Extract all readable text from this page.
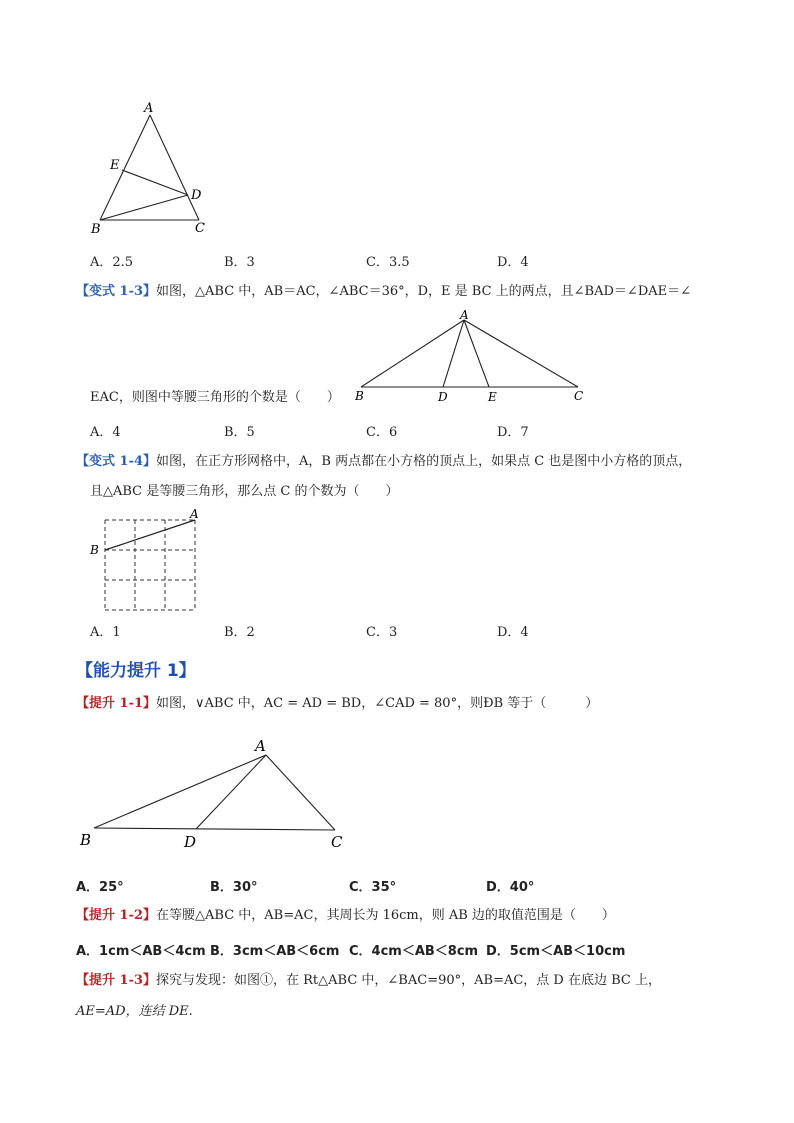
A
E
D
B	C
A．2.5	B．3	C．3.5	D．4
【变式 1-3】如图，△ABC 中，AB＝AC，∠ABC＝36°，D，E 是 BC 上的两点，且∠BAD＝∠DAE＝∠
EAC，则图中等腰三角形的个数是（　　）
A
B	D	E	C
A．4	B．5	C．6	D．7
【变式 1-4】如图，在正方形网格中，A，B 两点都在小方格的顶点上，如果点 C 也是图中小方格的顶点，
且△ABC 是等腰三角形，那么点 C 的个数为（　　）
A
B
A．1	B．2	C．3	D．4
【能力提升 1】
【提升 1-1】如图，∨ABC 中，AC = AD = BD，∠CAD = 80°，则ÐB 等于（　　　）
A
B	D	C
A．25°	B．30°	C．35°	D．40°
【提升 1-2】在等腰△ABC 中，AB=AC，其周长为 16cm，则 AB 边的取值范围是（　　）
A．1cm＜AB＜4cm B．3cm＜AB＜6cm C．4cm＜AB＜8cm D．5cm＜AB＜10cm
【提升 1-3】探究与发现：如图①，在 Rt△ABC 中，∠BAC=90°，AB=AC，点 D 在底边 BC 上，
AE=AD，连结 DE.
